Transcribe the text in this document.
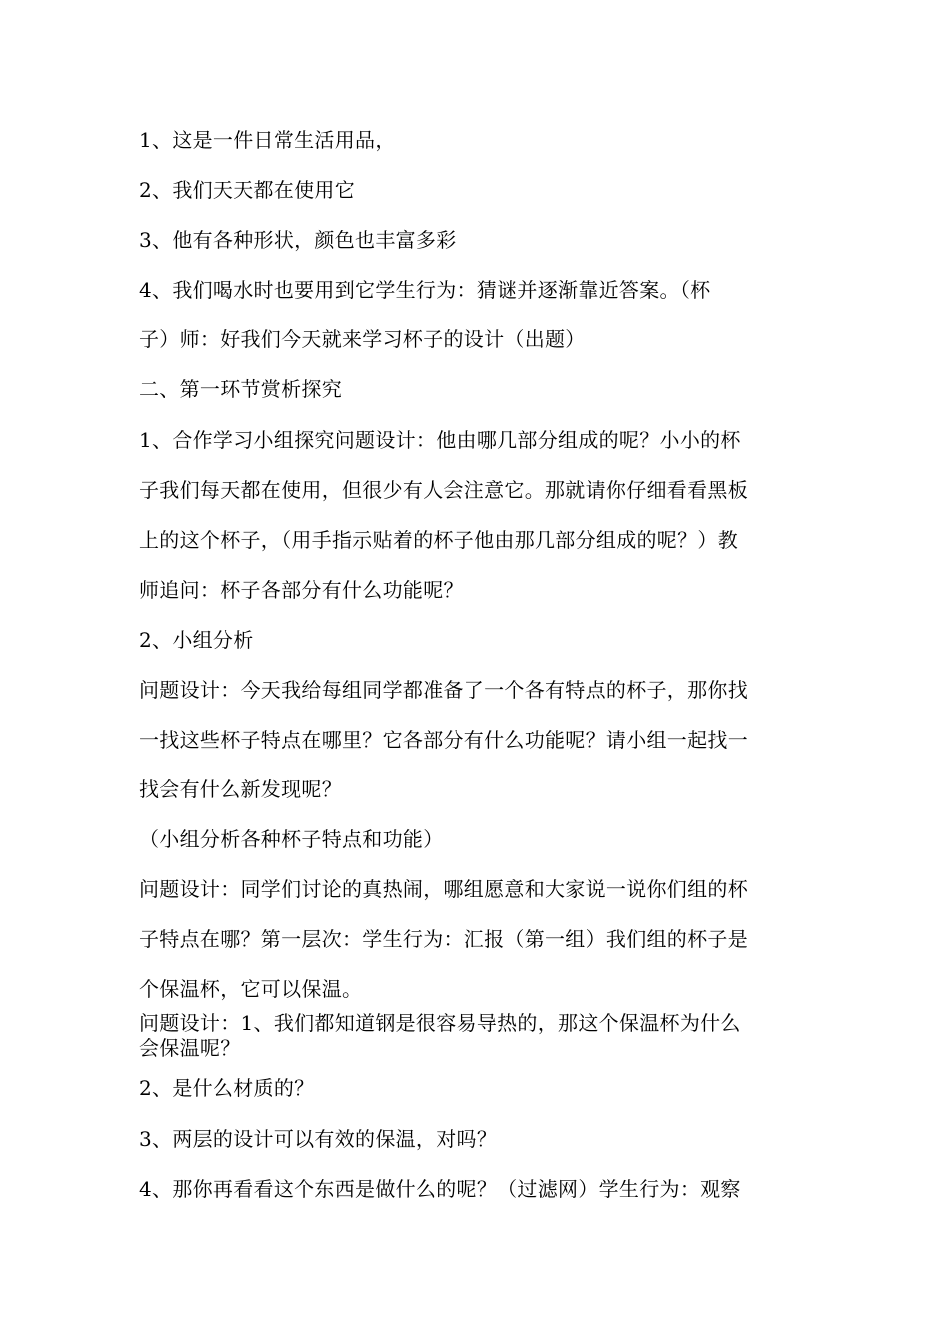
1、这是一件日常生活用品，
2、我们天天都在使用它
3、他有各种形状，颜色也丰富多彩
4、我们喝水时也要用到它学生行为：猜谜并逐渐靠近答案。（杯
子）师：好我们今天就来学习杯子的设计（出题）
二、第一环节赏析探究
1、合作学习小组探究问题设计：他由哪几部分组成的呢？小小的杯
子我们每天都在使用，但很少有人会注意它。那就请你仔细看看黑板
上的这个杯子，（用手指示贴着的杯子他由那几部分组成的呢？）教
师追问：杯子各部分有什么功能呢？
2、小组分析
问题设计：今天我给每组同学都准备了一个各有特点的杯子，那你找
一找这些杯子特点在哪里？它各部分有什么功能呢？请小组一起找一
找会有什么新发现呢？
（小组分析各种杯子特点和功能）
问题设计：同学们讨论的真热闹，哪组愿意和大家说一说你们组的杯
子特点在哪？第一层次：学生行为：汇报（第一组）我们组的杯子是
个保温杯，它可以保温。
问题设计：1、我们都知道钢是很容易导热的，那这个保温杯为什么
会保温呢？
2、是什么材质的？
3、两层的设计可以有效的保温，对吗？
4、那你再看看这个东西是做什么的呢？（过滤网）学生行为：观察
